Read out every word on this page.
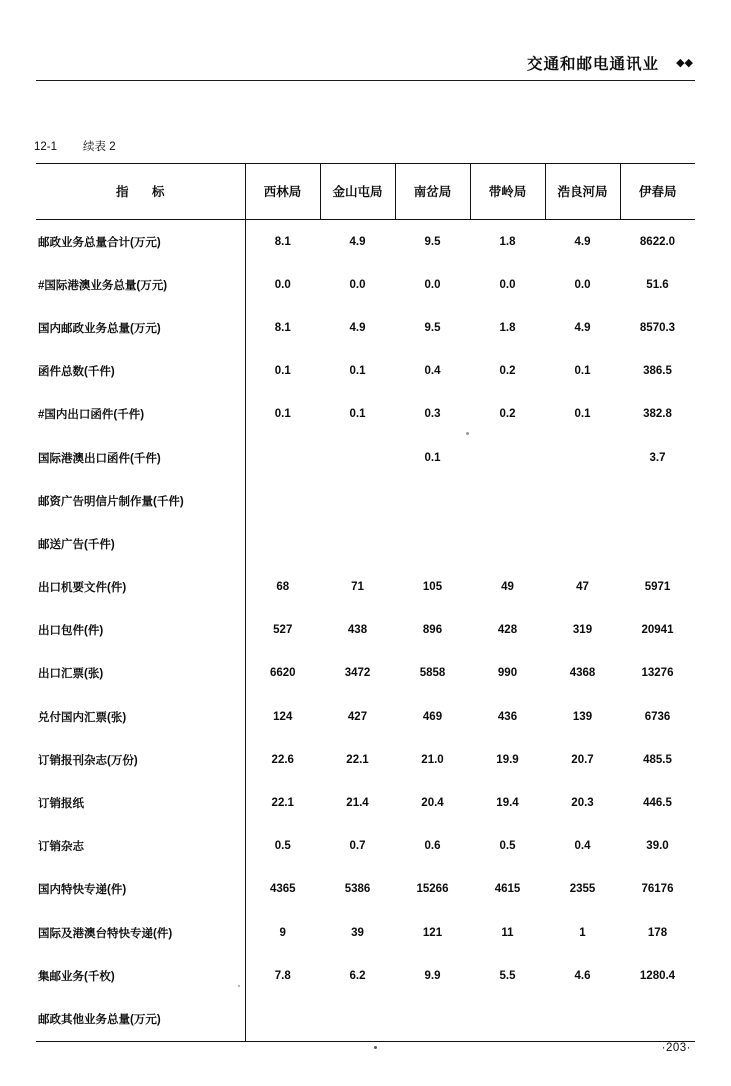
交通和邮电通讯业 ◆◆
12-1 续表 2
指 标	西林局	金山屯局	南岔局	带岭局	浩良河局	伊春局
邮政业务总量合计(万元)	8.1	4.9	9.5	1.8	4.9	8622.0
#国际港澳业务总量(万元)	0.0	0.0	0.0	0.0	0.0	51.6
国内邮政业务总量(万元)	8.1	4.9	9.5	1.8	4.9	8570.3
函件总数(千件)	0.1	0.1	0.4	0.2	0.1	386.5
#国内出口函件(千件)	0.1	0.1	0.3	0.2	0.1	382.8
国际港澳出口函件(千件)			0.1			3.7
邮资广告明信片制作量(千件)						
邮送广告(千件)						
出口机要文件(件)	68	71	105	49	47	5971
出口包件(件)	527	438	896	428	319	20941
出口汇票(张)	6620	3472	5858	990	4368	13276
兑付国内汇票(张)	124	427	469	436	139	6736
订销报刊杂志(万份)	22.6	22.1	21.0	19.9	20.7	485.5
订销报纸	22.1	21.4	20.4	19.4	20.3	446.5
订销杂志	0.5	0.7	0.6	0.5	0.4	39.0
国内特快专递(件)	4365	5386	15266	4615	2355	76176
国际及港澳台特快专递(件)	9	39	121	11	1	178
集邮业务(千枚)	7.8	6.2	9.9	5.5	4.6	1280.4
邮政其他业务总量(万元)						
·203·
